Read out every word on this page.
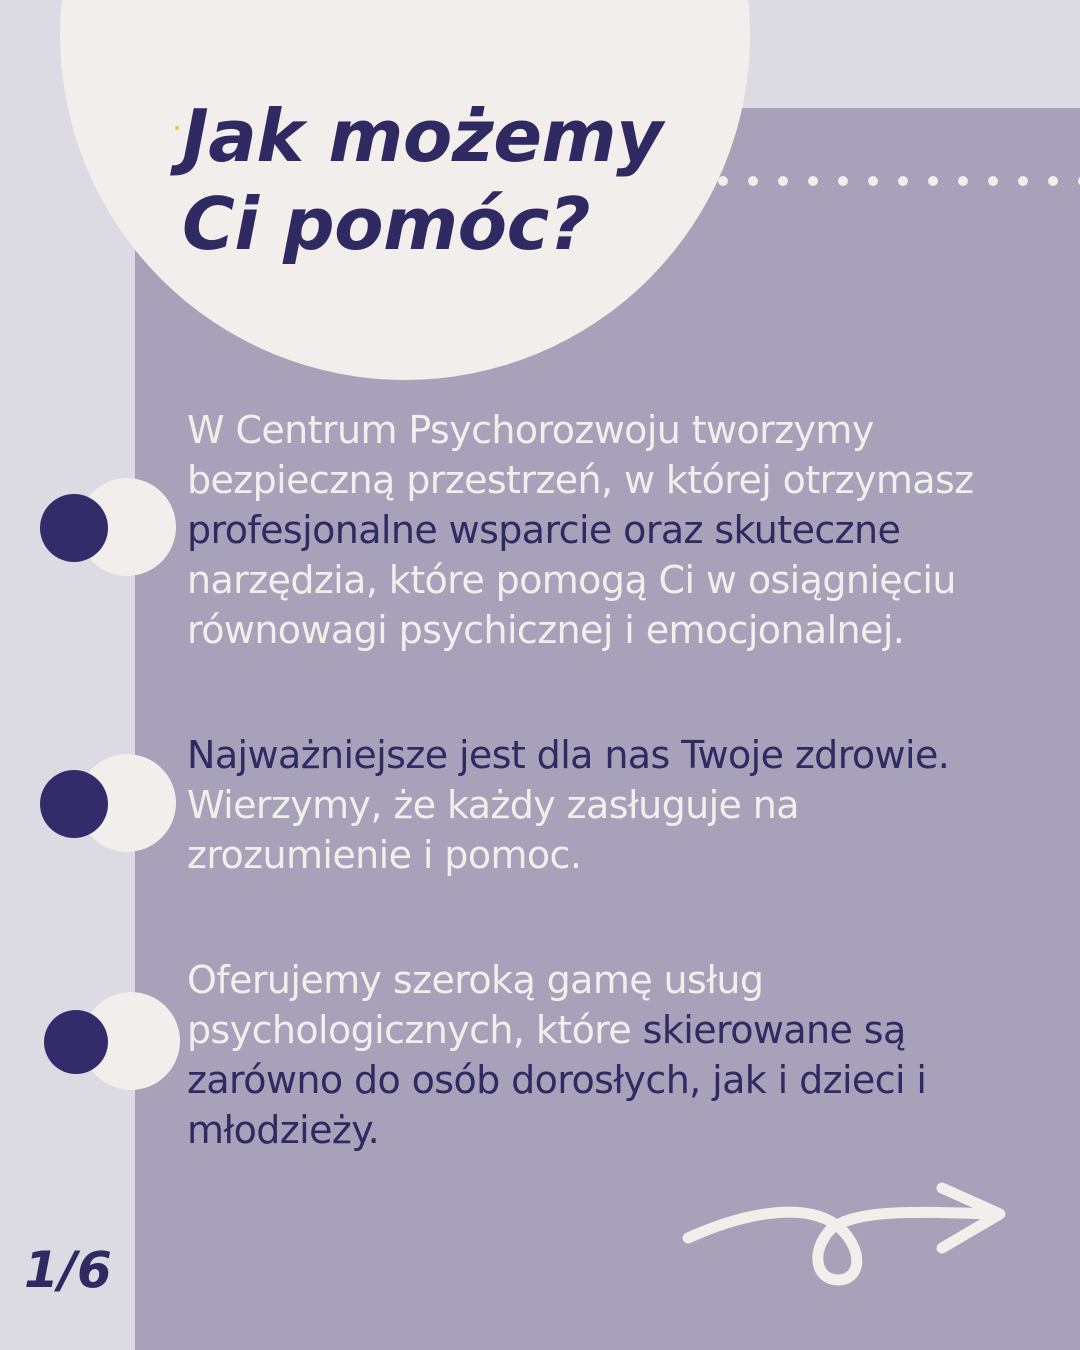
Jak możemy
Ci pomóc?

W Centrum Psychorozwoju tworzymy
bezpieczną przestrzeń, w której otrzymasz
profesjonalne wsparcie oraz skuteczne
narzędzia, które pomogą Ci w osiągnięciu
równowagi psychicznej i emocjonalnej.

Najważniejsze jest dla nas Twoje zdrowie.
Wierzymy, że każdy zasługuje na
zrozumienie i pomoc.

Oferujemy szeroką gamę usług
psychologicznych, które skierowane są
zarówno do osób dorosłych, jak i dzieci i
młodzieży.

1/6
